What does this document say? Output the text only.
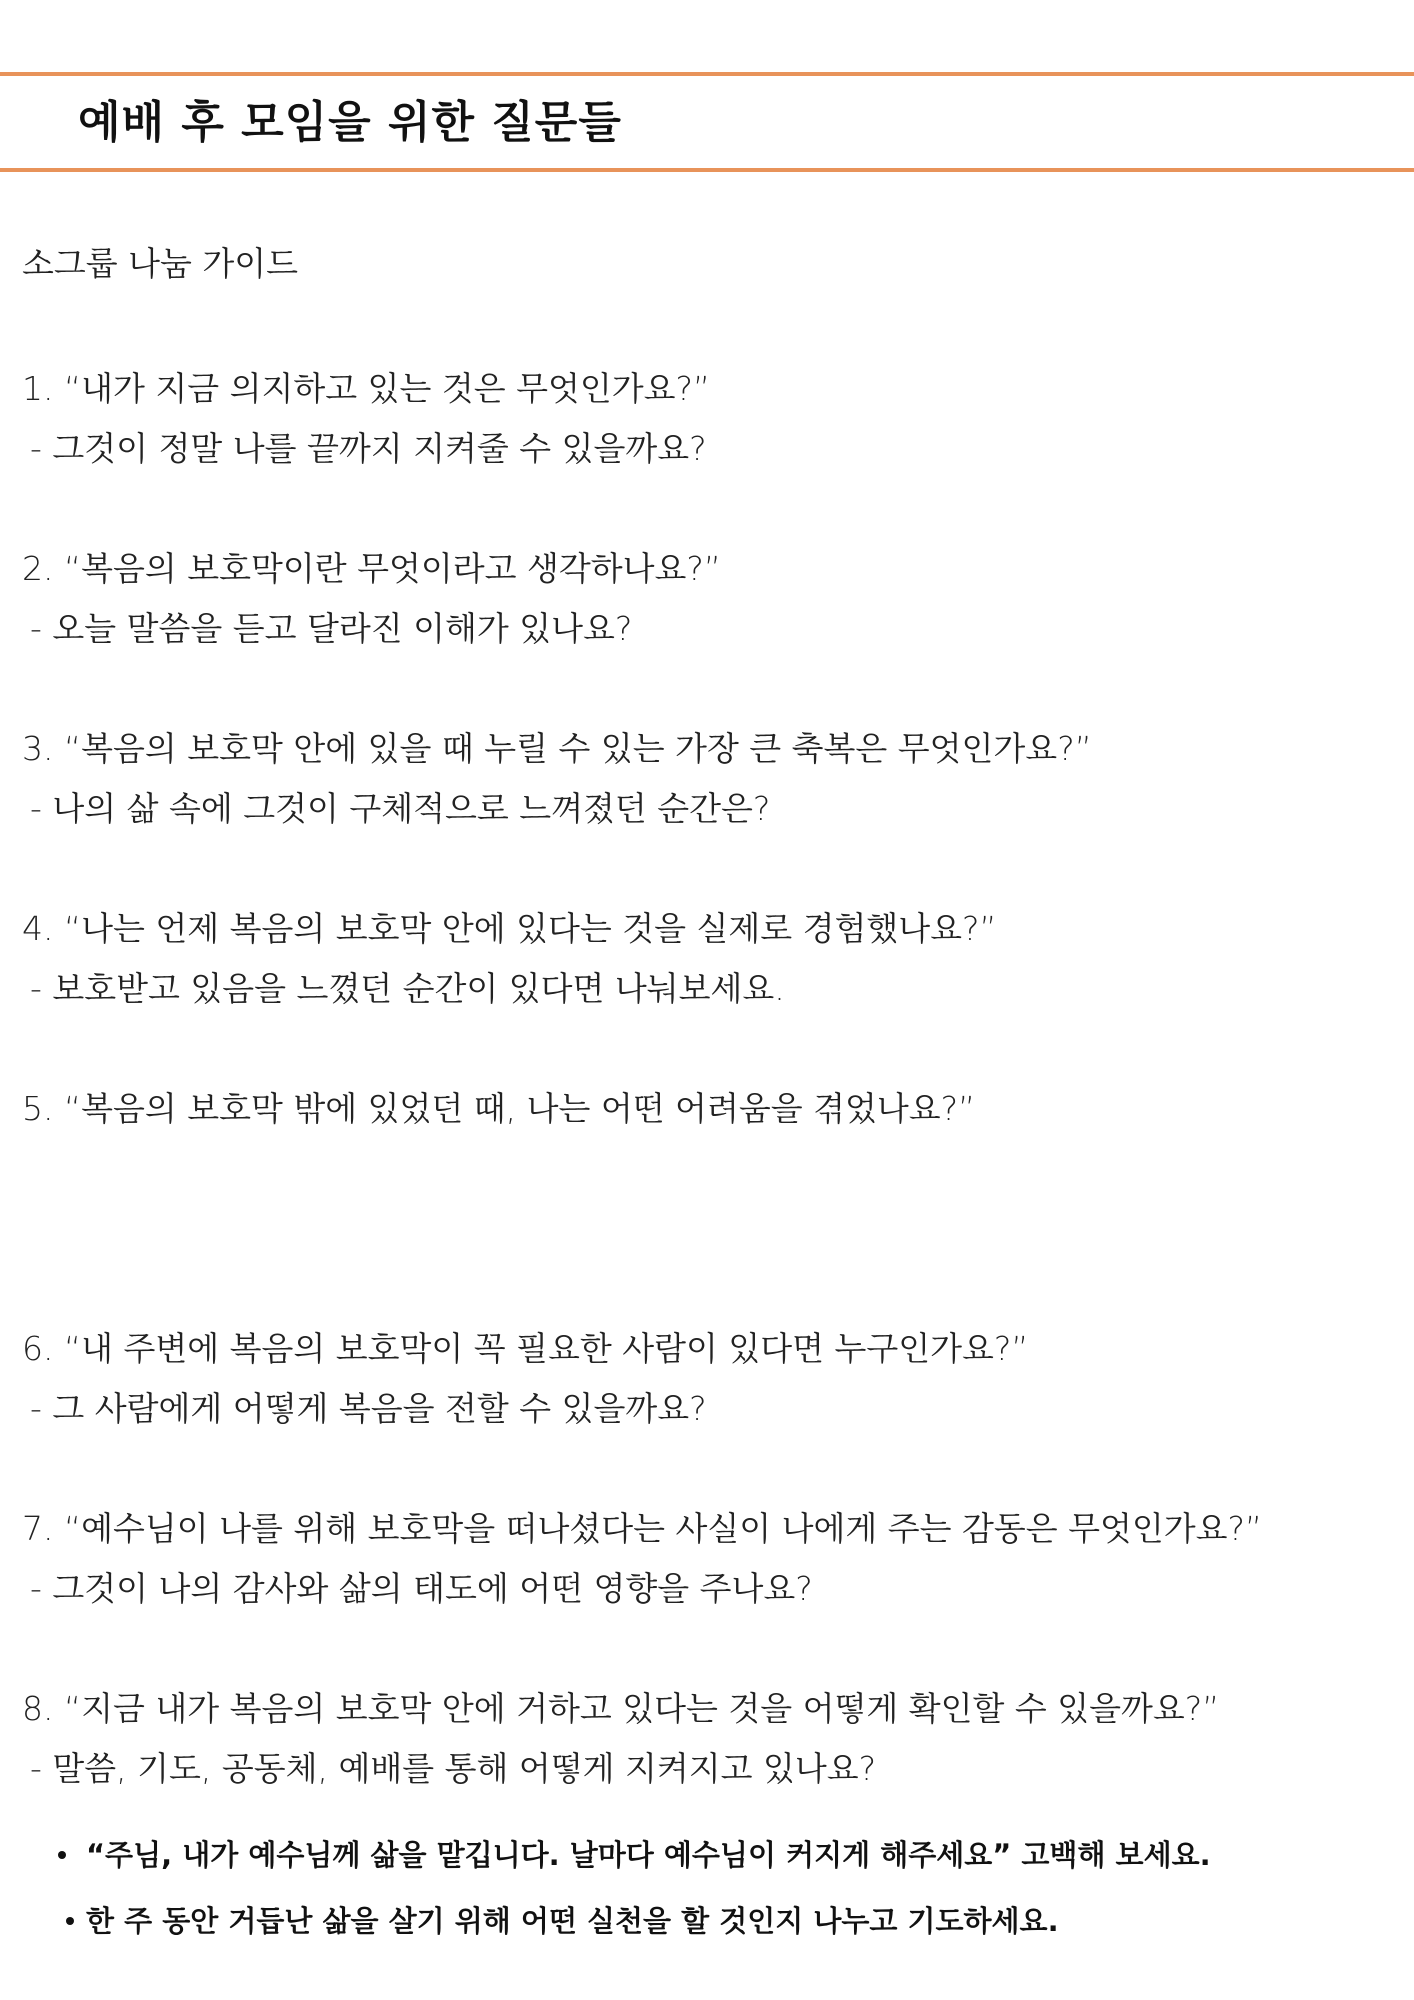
예배 후 모임을 위한 질문들
소그룹 나눔 가이드
1. “내가 지금 의지하고 있는 것은 무엇인가요?”
- 그것이 정말 나를 끝까지 지켜줄 수 있을까요?
2. “복음의 보호막이란 무엇이라고 생각하나요?”
- 오늘 말씀을 듣고 달라진 이해가 있나요?
3. “복음의 보호막 안에 있을 때 누릴 수 있는 가장 큰 축복은 무엇인가요?”
- 나의 삶 속에 그것이 구체적으로 느껴졌던 순간은?
4. “나는 언제 복음의 보호막 안에 있다는 것을 실제로 경험했나요?”
- 보호받고 있음을 느꼈던 순간이 있다면 나눠보세요.
5. “복음의 보호막 밖에 있었던 때, 나는 어떤 어려움을 겪었나요?”
6. “내 주변에 복음의 보호막이 꼭 필요한 사람이 있다면 누구인가요?”
- 그 사람에게 어떻게 복음을 전할 수 있을까요?
7. “예수님이 나를 위해 보호막을 떠나셨다는 사실이 나에게 주는 감동은 무엇인가요?”
- 그것이 나의 감사와 삶의 태도에 어떤 영향을 주나요?
8. “지금 내가 복음의 보호막 안에 거하고 있다는 것을 어떻게 확인할 수 있을까요?”
- 말씀, 기도, 공동체, 예배를 통해 어떻게 지켜지고 있나요?
“주님, 내가 예수님께 삶을 맡깁니다. 날마다 예수님이 커지게 해주세요” 고백해 보세요.
한 주 동안 거듭난 삶을 살기 위해 어떤 실천을 할 것인지 나누고 기도하세요.
